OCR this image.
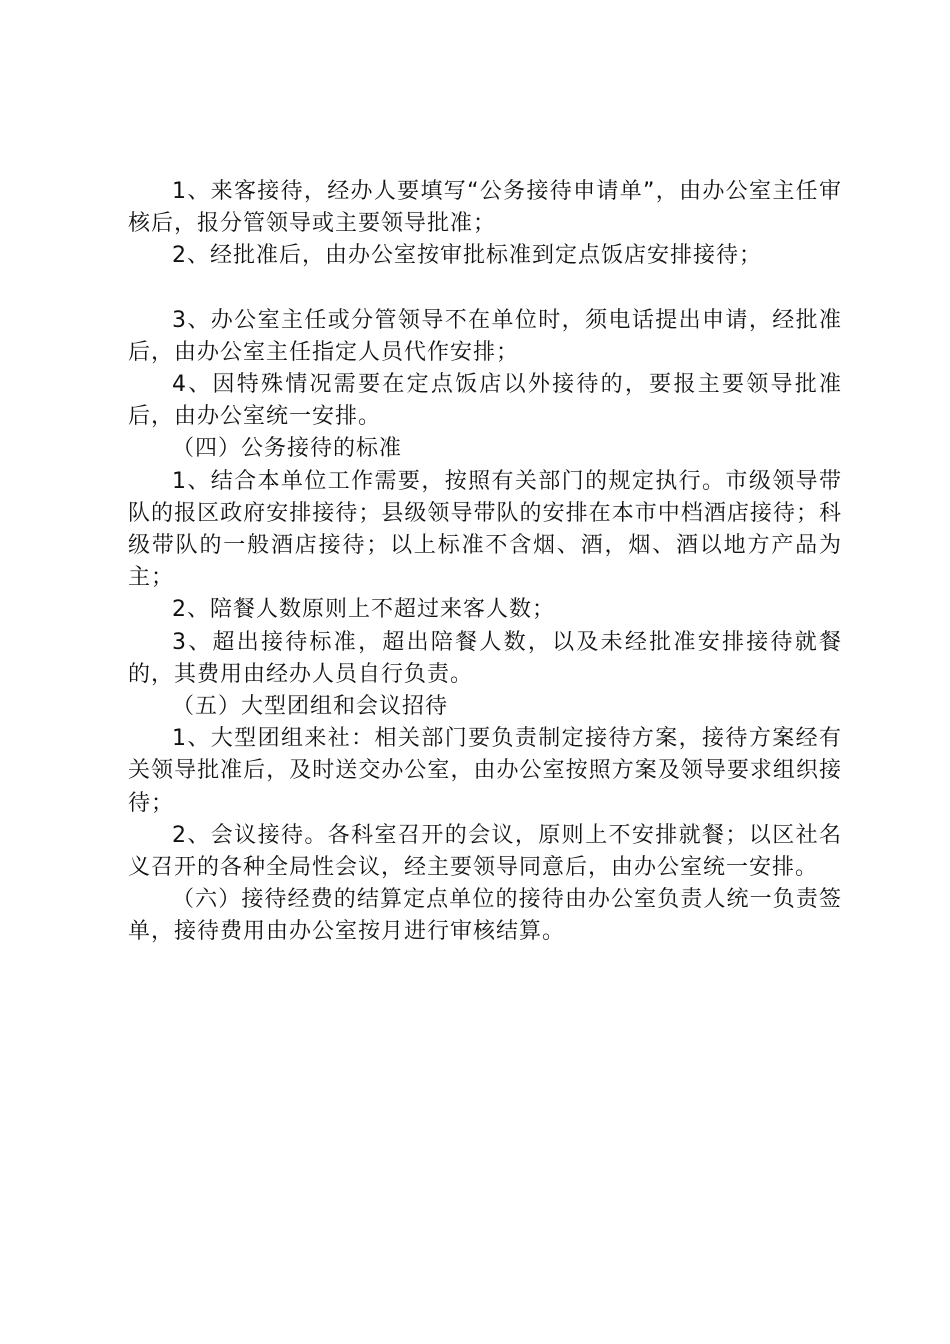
1、来客接待，经办人要填写“公务接待申请单”，由办公室主任审核后，报分管领导或主要领导批准；

2、经批准后，由办公室按审批标准到定点饭店安排接待；

3、办公室主任或分管领导不在单位时，须电话提出申请，经批准后，由办公室主任指定人员代作安排；

4、因特殊情况需要在定点饭店以外接待的，要报主要领导批准后，由办公室统一安排。

（四）公务接待的标准

1、结合本单位工作需要，按照有关部门的规定执行。市级领导带队的报区政府安排接待；县级领导带队的安排在本市中档酒店接待；科级带队的一般酒店接待；以上标准不含烟、酒，烟、酒以地方产品为主；

2、陪餐人数原则上不超过来客人数；

3、超出接待标准，超出陪餐人数，以及未经批准安排接待就餐的，其费用由经办人员自行负责。

（五）大型团组和会议招待

1、大型团组来社：相关部门要负责制定接待方案，接待方案经有关领导批准后，及时送交办公室，由办公室按照方案及领导要求组织接待；

2、会议接待。各科室召开的会议，原则上不安排就餐；以区社名义召开的各种全局性会议，经主要领导同意后，由办公室统一安排。

（六）接待经费的结算定点单位的接待由办公室负责人统一负责签单，接待费用由办公室按月进行审核结算。
